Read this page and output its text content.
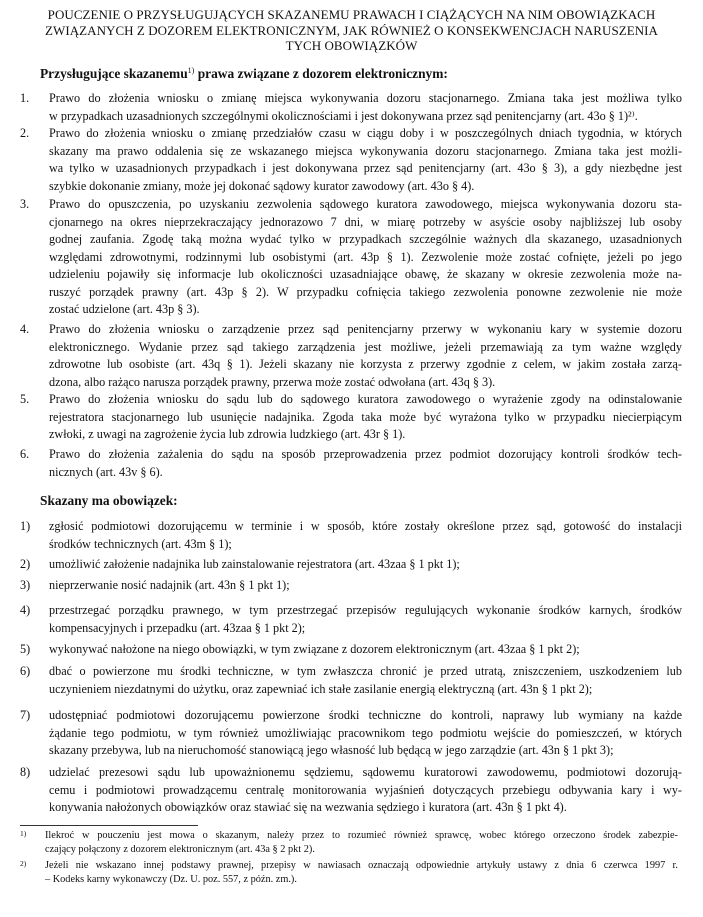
POUCZENIE O PRZYSŁUGUJĄCYCH SKAZANEMU PRAWACH I CIĄŻĄCYCH NA NIM OBOWIĄZKACH
ZWIĄZANYCH Z DOZOREM ELEKTRONICZNYM, JAK RÓWNIEŻ O KONSEKWENCJACH NARUSZENIA
TYCH OBOWIĄZKÓW
Przysługujące skazanemu$^{1)}$ prawa związane z dozorem elektronicznym:
1. Prawo do złożenia wniosku o zmianę miejsca wykonywania dozoru stacjonarnego. Zmiana taka jest możliwa tylko
w przypadkach uzasadnionych szczególnymi okolicznościami i jest dokonywana przez sąd penitencjarny (art. 43o § 1)²⁾.
2. Prawo do złożenia wniosku o zmianę przedziałów czasu w ciągu doby i w poszczególnych dniach tygodnia, w których
skazany ma prawo oddalenia się ze wskazanego miejsca wykonywania dozoru stacjonarnego. Zmiana taka jest możli-
wa tylko w uzasadnionych przypadkach i jest dokonywana przez sąd penitencjarny (art. 43o § 3), a gdy niezbędne jest
szybkie dokonanie zmiany, może jej dokonać sądowy kurator zawodowy (art. 43o § 4).
3. Prawo do opuszczenia, po uzyskaniu zezwolenia sądowego kuratora zawodowego, miejsca wykonywania dozoru sta-
cjonarnego na okres nieprzekraczający jednorazowo 7 dni, w miarę potrzeby w asyście osoby najbliższej lub osoby
godnej zaufania. Zgodę taką można wydać tylko w przypadkach szczególnie ważnych dla skazanego, uzasadnionych
względami zdrowotnymi, rodzinnymi lub osobistymi (art. 43p § 1). Zezwolenie może zostać cofnięte, jeżeli po jego
udzieleniu pojawiły się informacje lub okoliczności uzasadniające obawę, że skazany w okresie zezwolenia może na-
ruszyć porządek prawny (art. 43p § 2). W przypadku cofnięcia takiego zezwolenia ponowne zezwolenie nie może
zostać udzielone (art. 43p § 3).
4. Prawo do złożenia wniosku o zarządzenie przez sąd penitencjarny przerwy w wykonaniu kary w systemie dozoru
elektronicznego. Wydanie przez sąd takiego zarządzenia jest możliwe, jeżeli przemawiają za tym ważne względy
zdrowotne lub osobiste (art. 43q § 1). Jeżeli skazany nie korzysta z przerwy zgodnie z celem, w jakim została zarzą-
dzona, albo rażąco narusza porządek prawny, przerwa może zostać odwołana (art. 43q § 3).
5. Prawo do złożenia wniosku do sądu lub do sądowego kuratora zawodowego o wyrażenie zgody na odinstalowanie
rejestratora stacjonarnego lub usunięcie nadajnika. Zgoda taka może być wyrażona tylko w przypadku niecierpiącym
zwłoki, z uwagi na zagrożenie życia lub zdrowia ludzkiego (art. 43r § 1).
6. Prawo do złożenia zażalenia do sądu na sposób przeprowadzenia przez podmiot dozorujący kontroli środków tech-
nicznych (art. 43v § 6).
Skazany ma obowiązek:
1) zgłosić podmiotowi dozorującemu w terminie i w sposób, które zostały określone przez sąd, gotowość do instalacji
środków technicznych (art. 43m § 1);
2) umożliwić założenie nadajnika lub zainstalowanie rejestratora (art. 43zaa § 1 pkt 1);
3) nieprzerwanie nosić nadajnik (art. 43n § 1 pkt 1);
4) przestrzegać porządku prawnego, w tym przestrzegać przepisów regulujących wykonanie środków karnych, środków
kompensacyjnych i przepadku (art. 43zaa § 1 pkt 2);
5) wykonywać nałożone na niego obowiązki, w tym związane z dozorem elektronicznym (art. 43zaa § 1 pkt 2);
6) dbać o powierzone mu środki techniczne, w tym zwłaszcza chronić je przed utratą, zniszczeniem, uszkodzeniem lub
uczynieniem niezdatnymi do użytku, oraz zapewniać ich stałe zasilanie energią elektryczną (art. 43n § 1 pkt 2);
7) udostępniać podmiotowi dozorującemu powierzone środki techniczne do kontroli, naprawy lub wymiany na każde
żądanie tego podmiotu, w tym również umożliwiając pracownikom tego podmiotu wejście do pomieszczeń, w których
skazany przebywa, lub na nieruchomość stanowiącą jego własność lub będącą w jego zarządzie (art. 43n § 1 pkt 3);
8) udzielać prezesowi sądu lub upoważnionemu sędziemu, sądowemu kuratorowi zawodowemu, podmiotowi dozorują-
cemu i podmiotowi prowadzącemu centralę monitorowania wyjaśnień dotyczących przebiegu odbywania kary i wy-
konywania nałożonych obowiązków oraz stawiać się na wezwania sędziego i kuratora (art. 43n § 1 pkt 4).
1) Ilekroć w pouczeniu jest mowa o skazanym, należy przez to rozumieć również sprawcę, wobec którego orzeczono środek zabezpie-
czający połączony z dozorem elektronicznym (art. 43a § 2 pkt 2).
2) Jeżeli nie wskazano innej podstawy prawnej, przepisy w nawiasach oznaczają odpowiednie artykuły ustawy z dnia 6 czerwca 1997 r.
– Kodeks karny wykonawczy (Dz. U. poz. 557, z późn. zm.).
